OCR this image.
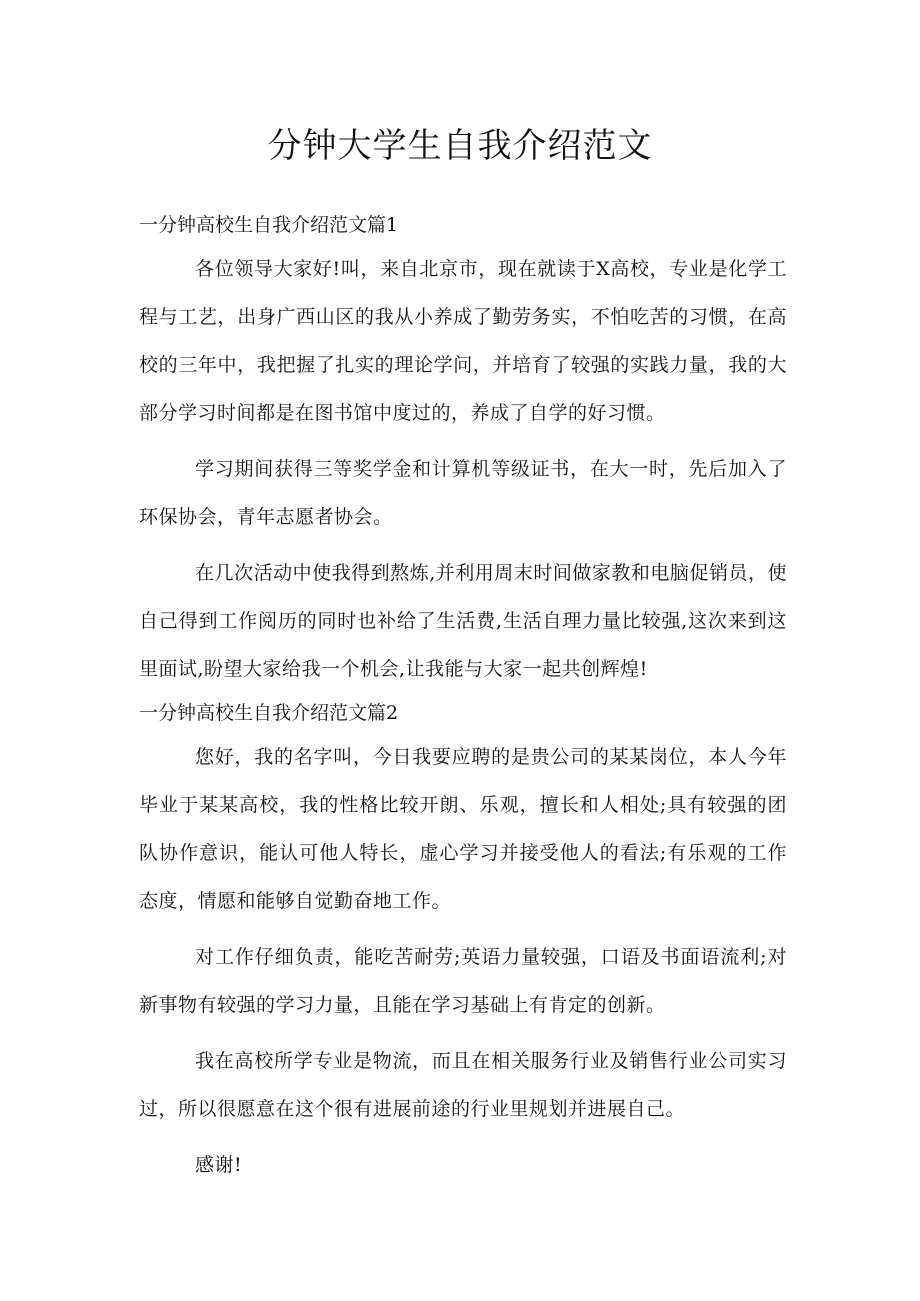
分钟大学生自我介绍范文
一分钟高校生自我介绍范文篇1

各位领导大家好!叫，来自北京市，现在就读于X高校，专业是化学工程与工艺，出身广西山区的我从小养成了勤劳务实，不怕吃苦的习惯，在高校的三年中，我把握了扎实的理论学问，并培育了较强的实践力量，我的大部分学习时间都是在图书馆中度过的，养成了自学的好习惯。

学习期间获得三等奖学金和计算机等级证书，在大一时，先后加入了环保协会，青年志愿者协会。

在几次活动中使我得到熬炼,并利用周末时间做家教和电脑促销员，使自己得到工作阅历的同时也补给了生活费,生活自理力量比较强,这次来到这里面试,盼望大家给我一个机会,让我能与大家一起共创辉煌!

一分钟高校生自我介绍范文篇2

您好，我的名字叫，今日我要应聘的是贵公司的某某岗位，本人今年毕业于某某高校，我的性格比较开朗、乐观，擅长和人相处;具有较强的团队协作意识，能认可他人特长，虚心学习并接受他人的看法;有乐观的工作态度，情愿和能够自觉勤奋地工作。

对工作仔细负责，能吃苦耐劳;英语力量较强，口语及书面语流利;对新事物有较强的学习力量，且能在学习基础上有肯定的创新。

我在高校所学专业是物流，而且在相关服务行业及销售行业公司实习过，所以很愿意在这个很有进展前途的行业里规划并进展自己。

感谢!
